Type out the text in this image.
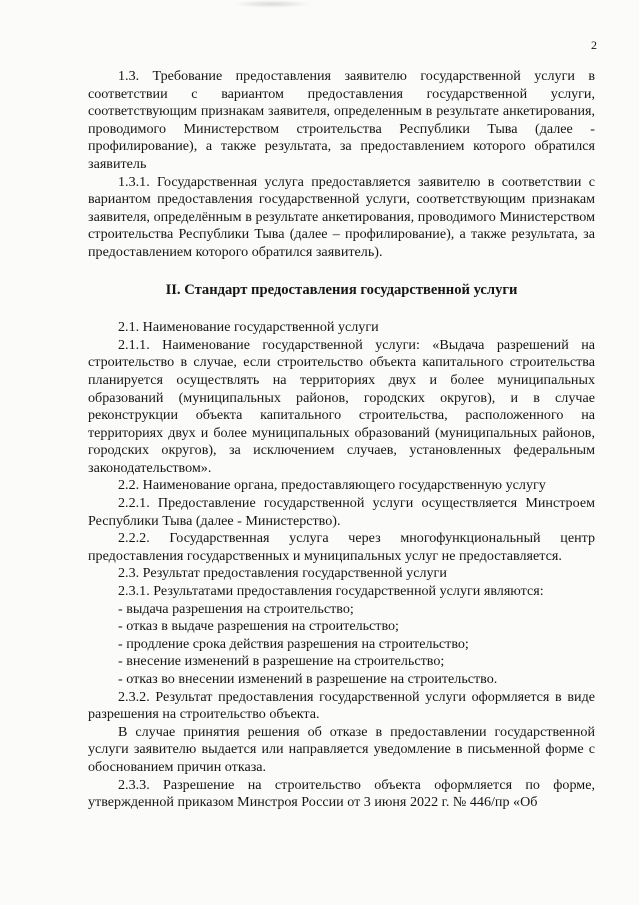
2

1.3. Требование предоставления заявителю государственной услуги в соответствии с вариантом предоставления государственной услуги, соответствующим признакам заявителя, определенным в результате анкетирования, проводимого Министерством строительства Республики Тыва (далее - профилирование), а также результата, за предоставлением которого обратился заявитель

1.3.1. Государственная услуга предоставляется заявителю в соответствии с вариантом предоставления государственной услуги, соответствующим признакам заявителя, определённым в результате анкетирования, проводимого Министерством строительства Республики Тыва (далее – профилирование), а также результата, за предоставлением которого обратился заявитель).

II. Стандарт предоставления государственной услуги

2.1. Наименование государственной услуги

2.1.1. Наименование государственной услуги: «Выдача разрешений на строительство в случае, если строительство объекта капитального строительства планируется осуществлять на территориях двух и более муниципальных образований (муниципальных районов, городских округов), и в случае реконструкции объекта капитального строительства, расположенного на территориях двух и более муниципальных образований (муниципальных районов, городских округов), за исключением случаев, установленных федеральным законодательством».

2.2. Наименование органа, предоставляющего государственную услугу

2.2.1. Предоставление государственной услуги осуществляется Минстроем Республики Тыва (далее - Министерство).

2.2.2. Государственная услуга через многофункциональный центр предоставления государственных и муниципальных услуг не предоставляется.

2.3. Результат предоставления государственной услуги

2.3.1. Результатами предоставления государственной услуги являются:

- выдача разрешения на строительство;

- отказ в выдаче разрешения на строительство;

- продление срока действия разрешения на строительство;

- внесение изменений в разрешение на строительство;

- отказ во внесении изменений в разрешение на строительство.

2.3.2. Результат предоставления государственной услуги оформляется в виде разрешения на строительство объекта.

В случае принятия решения об отказе в предоставлении государственной услуги заявителю выдается или направляется уведомление в письменной форме с обоснованием причин отказа.

2.3.3. Разрешение на строительство объекта оформляется по форме, утвержденной приказом Минстроя России от 3 июня 2022 г. № 446/пр «Об
